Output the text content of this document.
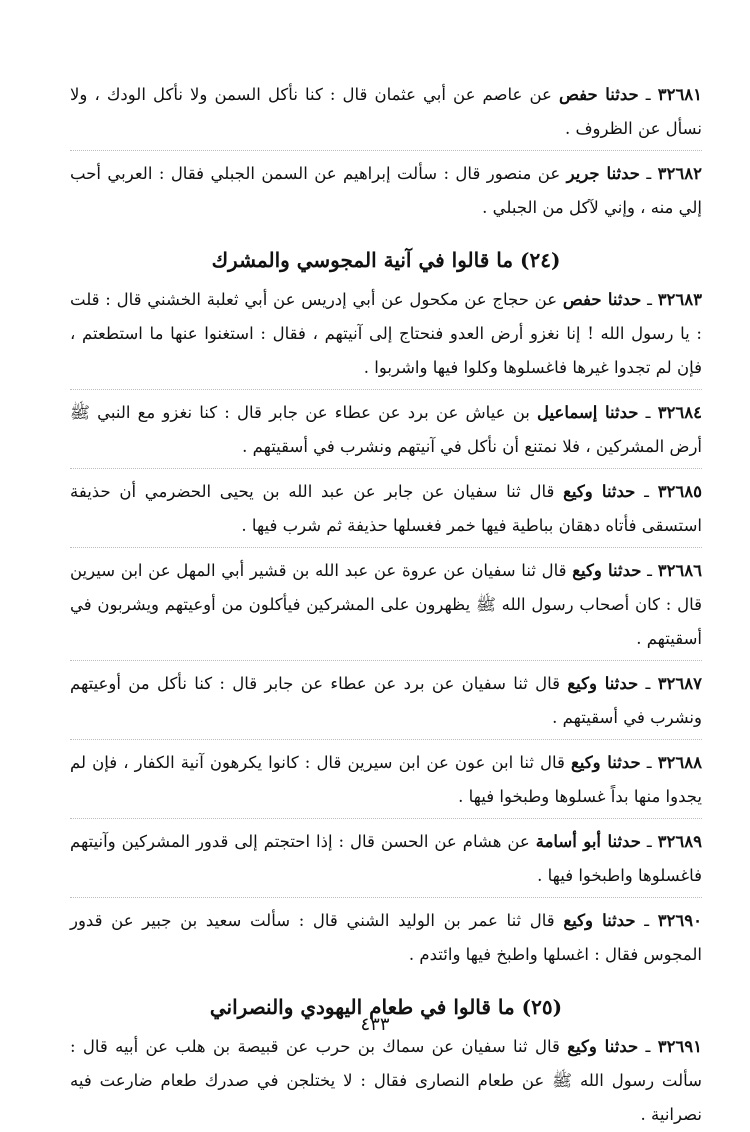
٣٢٦٨١ ـ حدثنا حفص عن عاصم عن أبي عثمان قال : كنا نأكل السمن ولا نأكل الودك ، ولا نسأل عن الظروف .

٣٢٦٨٢ ـ حدثنا جرير عن منصور قال : سألت إبراهيم عن السمن الجبلي فقال : العربي أحب إلي منه ، وإني لآكل من الجبلي .

(٢٤) ما قالوا في آنية المجوسي والمشرك

٣٢٦٨٣ ـ حدثنا حفص عن حجاج عن مكحول عن أبي إدريس عن أبي ثعلبة الخشني قال : قلت : يا رسول الله ! إنا نغزو أرض العدو فنحتاج إلى آنيتهم ، فقال : استغنوا عنها ما استطعتم ، فإن لم تجدوا غيرها فاغسلوها وكلوا فيها واشربوا .

٣٢٦٨٤ ـ حدثنا إسماعيل بن عياش عن برد عن عطاء عن جابر قال : كنا نغزو مع النبي ﷺ أرض المشركين ، فلا نمتنع أن نأكل في آنيتهم ونشرب في أسقيتهم .

٣٢٦٨٥ ـ حدثنا وكيع قال ثنا سفيان عن جابر عن عبد الله بن يحيى الحضرمي أن حذيفة استسقى فأتاه دهقان بباطية فيها خمر فغسلها حذيفة ثم شرب فيها .

٣٢٦٨٦ ـ حدثنا وكيع قال ثنا سفيان عن عروة عن عبد الله بن قشير أبي المهل عن ابن سيرين قال : كان أصحاب رسول الله ﷺ يظهرون على المشركين فيأكلون من أوعيتهم ويشربون في أسقيتهم .

٣٢٦٨٧ ـ حدثنا وكيع قال ثنا سفيان عن برد عن عطاء عن جابر قال : كنا نأكل من أوعيتهم ونشرب في أسقيتهم .

٣٢٦٨٨ ـ حدثنا وكيع قال ثنا ابن عون عن ابن سيرين قال : كانوا يكرهون آنية الكفار ، فإن لم يجدوا منها بداً غسلوها وطبخوا فيها .

٣٢٦٨٩ ـ حدثنا أبو أسامة عن هشام عن الحسن قال : إذا احتجتم إلى قدور المشركين وآنيتهم فاغسلوها واطبخوا فيها .

٣٢٦٩٠ ـ حدثنا وكيع قال ثنا عمر بن الوليد الشني قال : سألت سعيد بن جبير عن قدور المجوس فقال : اغسلها واطبخ فيها وائتدم .

(٢٥) ما قالوا في طعام اليهودي والنصراني

٣٢٦٩١ ـ حدثنا وكيع قال ثنا سفيان عن سماك بن حرب عن قبيصة بن هلب عن أبيه قال : سألت رسول الله ﷺ عن طعام النصارى فقال : لا يختلجن في صدرك طعام ضارعت فيه نصرانية .

٤٣٣
